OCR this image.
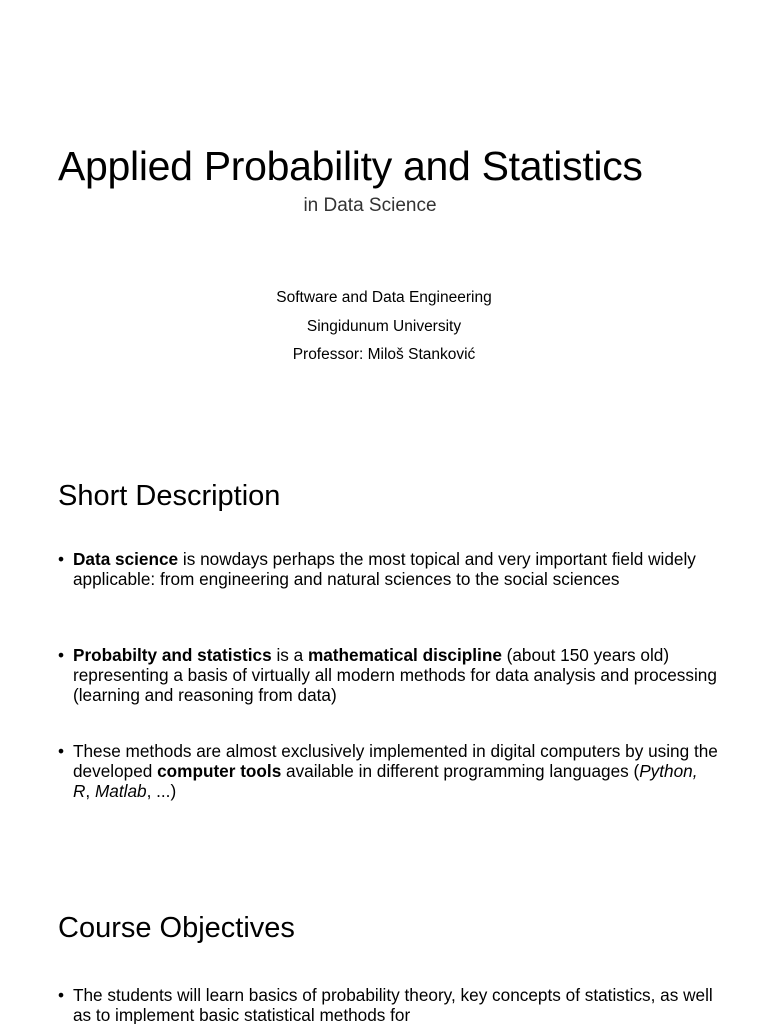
Applied Probability and Statistics
in Data Science
Software and Data Engineering
Singidunum University
Professor: Miloš Stanković
Short Description
• Data science is nowdays perhaps the most topical and very important field widely applicable: from engineering and natural sciences to the social sciences
• Probabilty and statistics is a mathematical discipline (about 150 years old) representing a basis of virtually all modern methods for data analysis and processing (learning and reasoning from data)
• These methods are almost exclusively implemented in digital computers by using the developed computer tools available in different programming languages (Python, R, Matlab, ...)
Course Objectives
• The students will learn basics of probability theory, key concepts of statistics, as well as to implement basic statistical methods for
